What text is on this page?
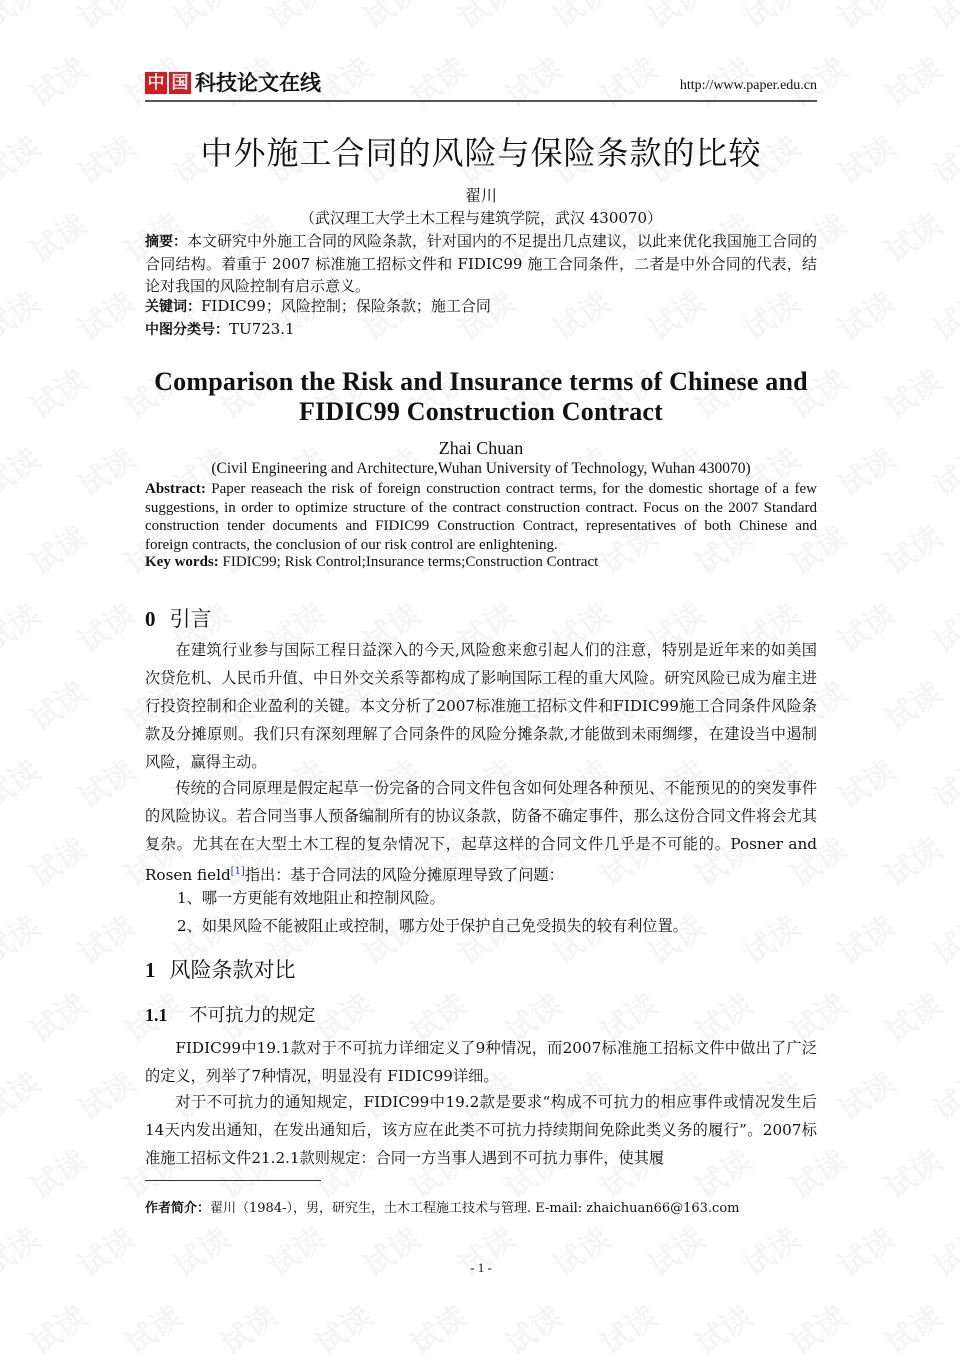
中 国 科技论文在线	http://www.paper.edu.cn
中外施工合同的风险与保险条款的比较
翟川
（武汉理工大学土木工程与建筑学院，武汉 430070）
摘要：本文研究中外施工合同的风险条款，针对国内的不足提出几点建议，以此来优化我国施工合同的合同结构。着重于 2007 标准施工招标文件和 FIDIC99 施工合同条件，二者是中外合同的代表，结论对我国的风险控制有启示意义。
关键词：FIDIC99；风险控制；保险条款；施工合同
中图分类号：TU723.1
Comparison the Risk and Insurance terms of Chinese and
FIDIC99 Construction Contract
Zhai Chuan
(Civil Engineering and Architecture,Wuhan University of Technology, Wuhan 430070)
Abstract: Paper reaseach the risk of foreign construction contract terms, for the domestic shortage of a few suggestions, in order to optimize structure of the contract construction contract. Focus on the 2007 Standard construction tender documents and FIDIC99 Construction Contract, representatives of both Chinese and foreign contracts, the conclusion of our risk control are enlightening.
Key words: FIDIC99; Risk Control;Insurance terms;Construction Contract
0 引言

在建筑行业参与国际工程日益深入的今天,风险愈来愈引起人们的注意，特别是近年来的如美国次贷危机、人民币升值、中日外交关系等都构成了影响国际工程的重大风险。研究风险已成为雇主进行投资控制和企业盈利的关键。本文分析了2007标准施工招标文件和FIDIC99施工合同条件风险条款及分摊原则。我们只有深刻理解了合同条件的风险分摊条款,才能做到未雨绸缪，在建设当中遏制风险，赢得主动。

传统的合同原理是假定起草一份完备的合同文件包含如何处理各种预见、不能预见的的突发事件的风险协议。若合同当事人预备编制所有的协议条款，防备不确定事件，那么这份合同文件将会尤其复杂。尤其在在大型土木工程的复杂情况下，起草这样的合同文件几乎是不可能的。Posner and Rosen field[1]指出：基于合同法的风险分摊原理导致了问题：

1、哪一方更能有效地阻止和控制风险。
2、如果风险不能被阻止或控制，哪方处于保护自己免受损失的较有利位置。
1 风险条款对比
1.1 不可抗力的规定

FIDIC99中19.1款对于不可抗力详细定义了9种情况，而2007标准施工招标文件中做出了广泛的定义，列举了7种情况，明显没有 FIDIC99详细。

对于不可抗力的通知规定，FIDIC99中19.2款是要求“构成不可抗力的相应事件或情况发生后14天内发出通知，在发出通知后，该方应在此类不可抗力持续期间免除此类义务的履行”。2007标准施工招标文件21.2.1款则规定：合同一方当事人遇到不可抗力事件，使其履

作者简介：翟川（1984-），男，研究生，土木工程施工技术与管理. E-mail: zhaichuan66@163.com
- 1 -
